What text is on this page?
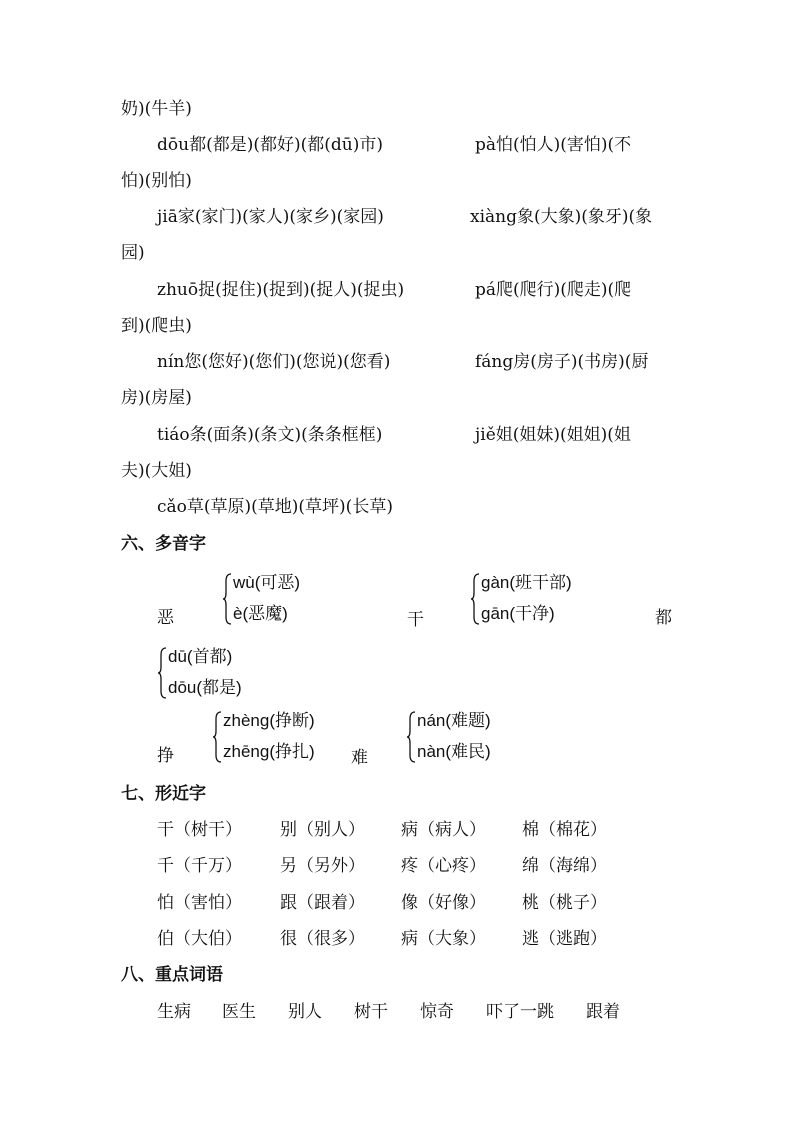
奶)(牛羊)
dōu都(都是)(都好)(都(dū)市)	pà怕(怕人)(害怕)(不
怕)(别怕)
jiā家(家门)(家人)(家乡)(家园)	xiàng象(大象)(象牙)(象
园)
zhuō捉(捉住)(捉到)(捉人)(捉虫)	pá爬(爬行)(爬走)(爬
到)(爬虫)
nín您(您好)(您们)(您说)(您看)	fáng房(房子)(书房)(厨
房)(房屋)
tiáo条(面条)(条文)(条条框框)	jiě姐(姐妹)(姐姐)(姐
夫)(大姐)
cǎo草(草原)(草地)(草坪)(长草)
六、多音字
恶
wù(可恶)
è(恶魔)	干
gàn(班干部)
gān(干净)	都
dū(首都)
dōu(都是)
挣
zhèng(挣断)
zhēng(挣扎) 难
nán(难题)
nàn(难民)
七、形近字
干（树干） 别（别人） 病（病人） 棉（棉花）
千（千万） 另（另外） 疼（心疼） 绵（海绵）
怕（害怕） 跟（跟着） 像（好像） 桃（桃子）
伯（大伯） 很（很多） 病（大象） 逃（逃跑）
八、重点词语
生病 医生 别人 树干 惊奇 吓了一跳 跟着
